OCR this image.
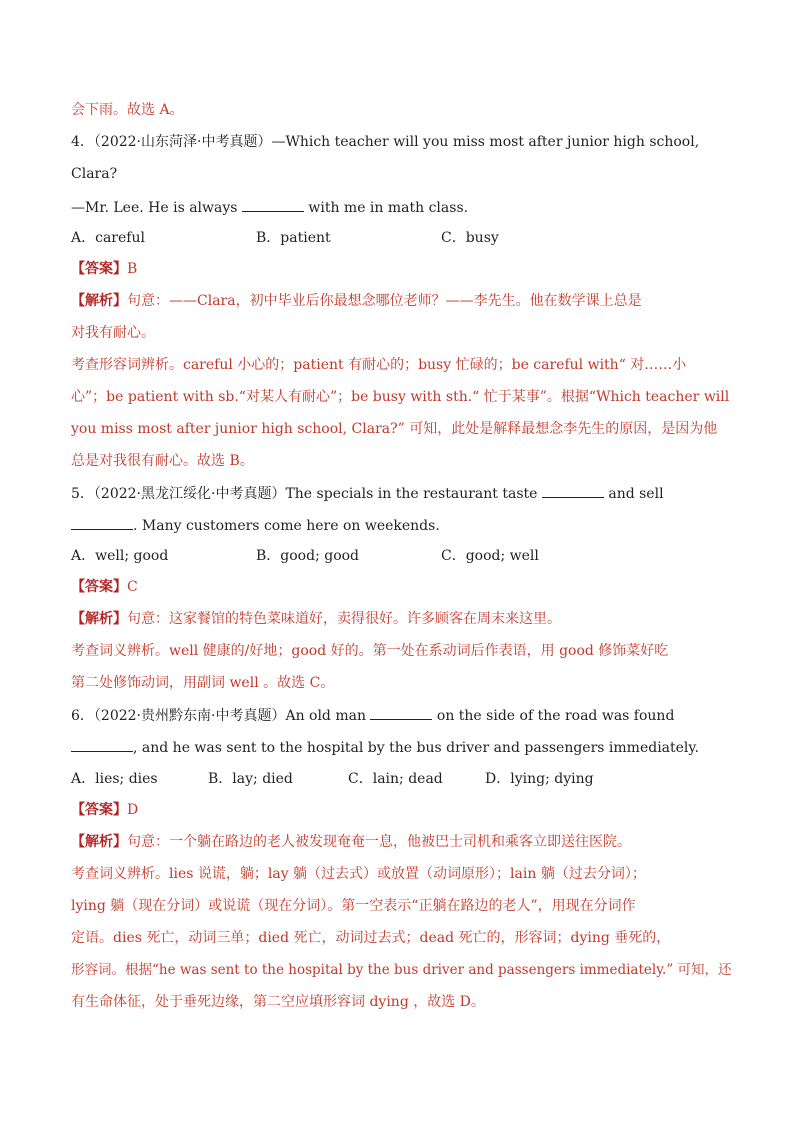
会下雨。故选 A。
4．（2022·山东菏泽·中考真题）—Which teacher will you miss most after junior high school,
Clara?
—Mr. Lee. He is always	with me in math class.
A．careful	B．patient	C．busy
【答案】B
【解析】句意：——Clara，初中毕业后你最想念哪位老师？——李先生。他在数学课上总是
对我有耐心。
考查形容词辨析。careful 小心的；patient 有耐心的；busy 忙碌的；be careful with“ 对……小
心”；be patient with sb.“对某人有耐心”；be busy with sth.“ 忙于某事”。根据“Which teacher will
you miss most after junior high school, Clara?” 可知，此处是解释最想念李先生的原因，是因为他
总是对我很有耐心。故选 B。
5．（2022·黑龙江绥化·中考真题）The specials in the restaurant taste	and sell
. Many customers come here on weekends.
A．well; good	B．good; good	C．good; well
【答案】C
【解析】句意：这家餐馆的特色菜味道好，卖得很好。许多顾客在周末来这里。
考查词义辨析。well 健康的/好地；good 好的。第一处在系动词后作表语，用 good 修饰菜好吃
第二处修饰动词，用副词 well 。故选 C。
6．（2022·贵州黔东南·中考真题）An old man	on the side of the road was found
, and he was sent to the hospital by the bus driver and passengers immediately.
A．lies; dies	B．lay; died	C．lain; dead	D．lying; dying
【答案】D
【解析】句意：一个躺在路边的老人被发现奄奄一息，他被巴士司机和乘客立即送往医院。
考查词义辨析。lies 说谎，躺；lay 躺（过去式）或放置（动词原形）；lain 躺（过去分词）；
lying 躺（现在分词）或说谎（现在分词）。第一空表示“正躺在路边的老人”，用现在分词作
定语。dies 死亡，动词三单；died 死亡，动词过去式；dead 死亡的，形容词；dying 垂死的，
形容词。根据“he was sent to the hospital by the bus driver and passengers immediately.” 可知，还
有生命体征，处于垂死边缘，第二空应填形容词 dying ，故选 D。
